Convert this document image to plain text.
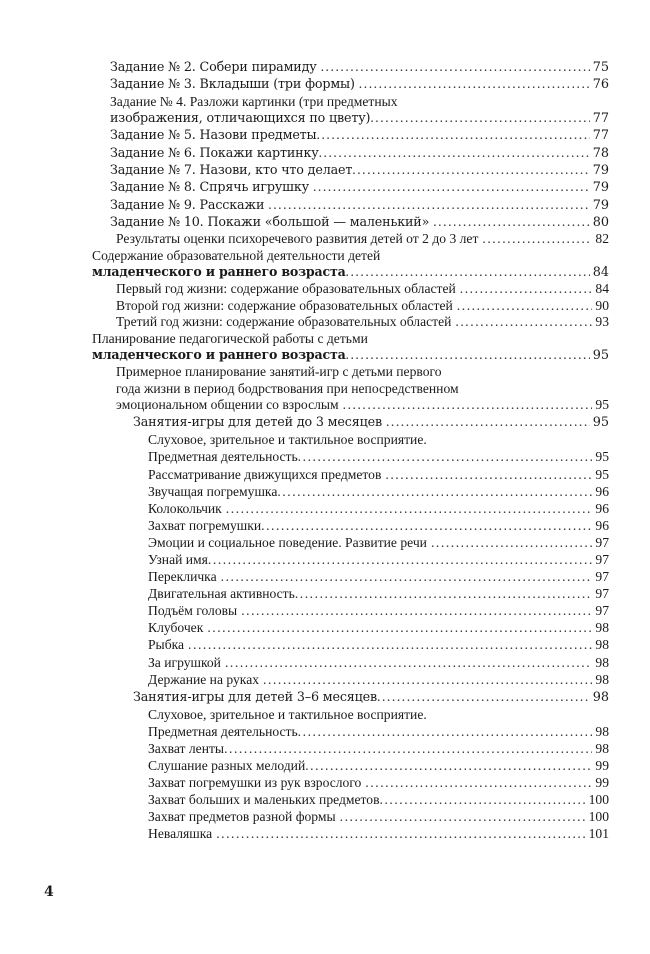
Задание № 2. Собери пирамиду .....	75
Задание № 3. Вкладыши (три формы) .....	76
Задание № 4. Разложи картинки (три предметных
изображения, отличающихся по цвету) .....	77
Задание № 5. Назови предметы .....	77
Задание № 6. Покажи картинку .....	78
Задание № 7. Назови, кто что делает .....	79
Задание № 8. Спрячь игрушку .....	79
Задание № 9. Расскажи .....	79
Задание № 10. Покажи «большой — маленький» .....	80
Результаты оценки психоречевого развития детей от 2 до 3 лет .....	82
Содержание образовательной деятельности детей
младенческого и раннего возраста .....	84
Первый год жизни: содержание образовательных областей .....	84
Второй год жизни: содержание образовательных областей .....	90
Третий год жизни: содержание образовательных областей .....	93
Планирование педагогической работы с детьми
младенческого и раннего возраста .....	95
Примерное планирование занятий-игр с детьми первого
года жизни в период бодрствования при непосредственном
эмоциональном общении со взрослым .....	95
Занятия-игры для детей до 3 месяцев .....	95
Слуховое, зрительное и тактильное восприятие.
Предметная деятельность .....	95
Рассматривание движущихся предметов .....	95
Звучащая погремушка .....	96
Колокольчик .....	96
Захват погремушки .....	96
Эмоции и социальное поведение. Развитие речи .....	97
Узнай имя .....	97
Перекличка .....	97
Двигательная активность .....	97
Подъём головы .....	97
Клубочек .....	98
Рыбка .....	98
За игрушкой .....	98
Держание на руках .....	98
Занятия-игры для детей 3–6 месяцев .....	98
Слуховое, зрительное и тактильное восприятие.
Предметная деятельность .....	98
Захват ленты .....	98
Слушание разных мелодий .....	99
Захват погремушки из рук взрослого .....	99
Захват больших и маленьких предметов .....	100
Захват предметов разной формы .....	100
Неваляшка .....	101
4
